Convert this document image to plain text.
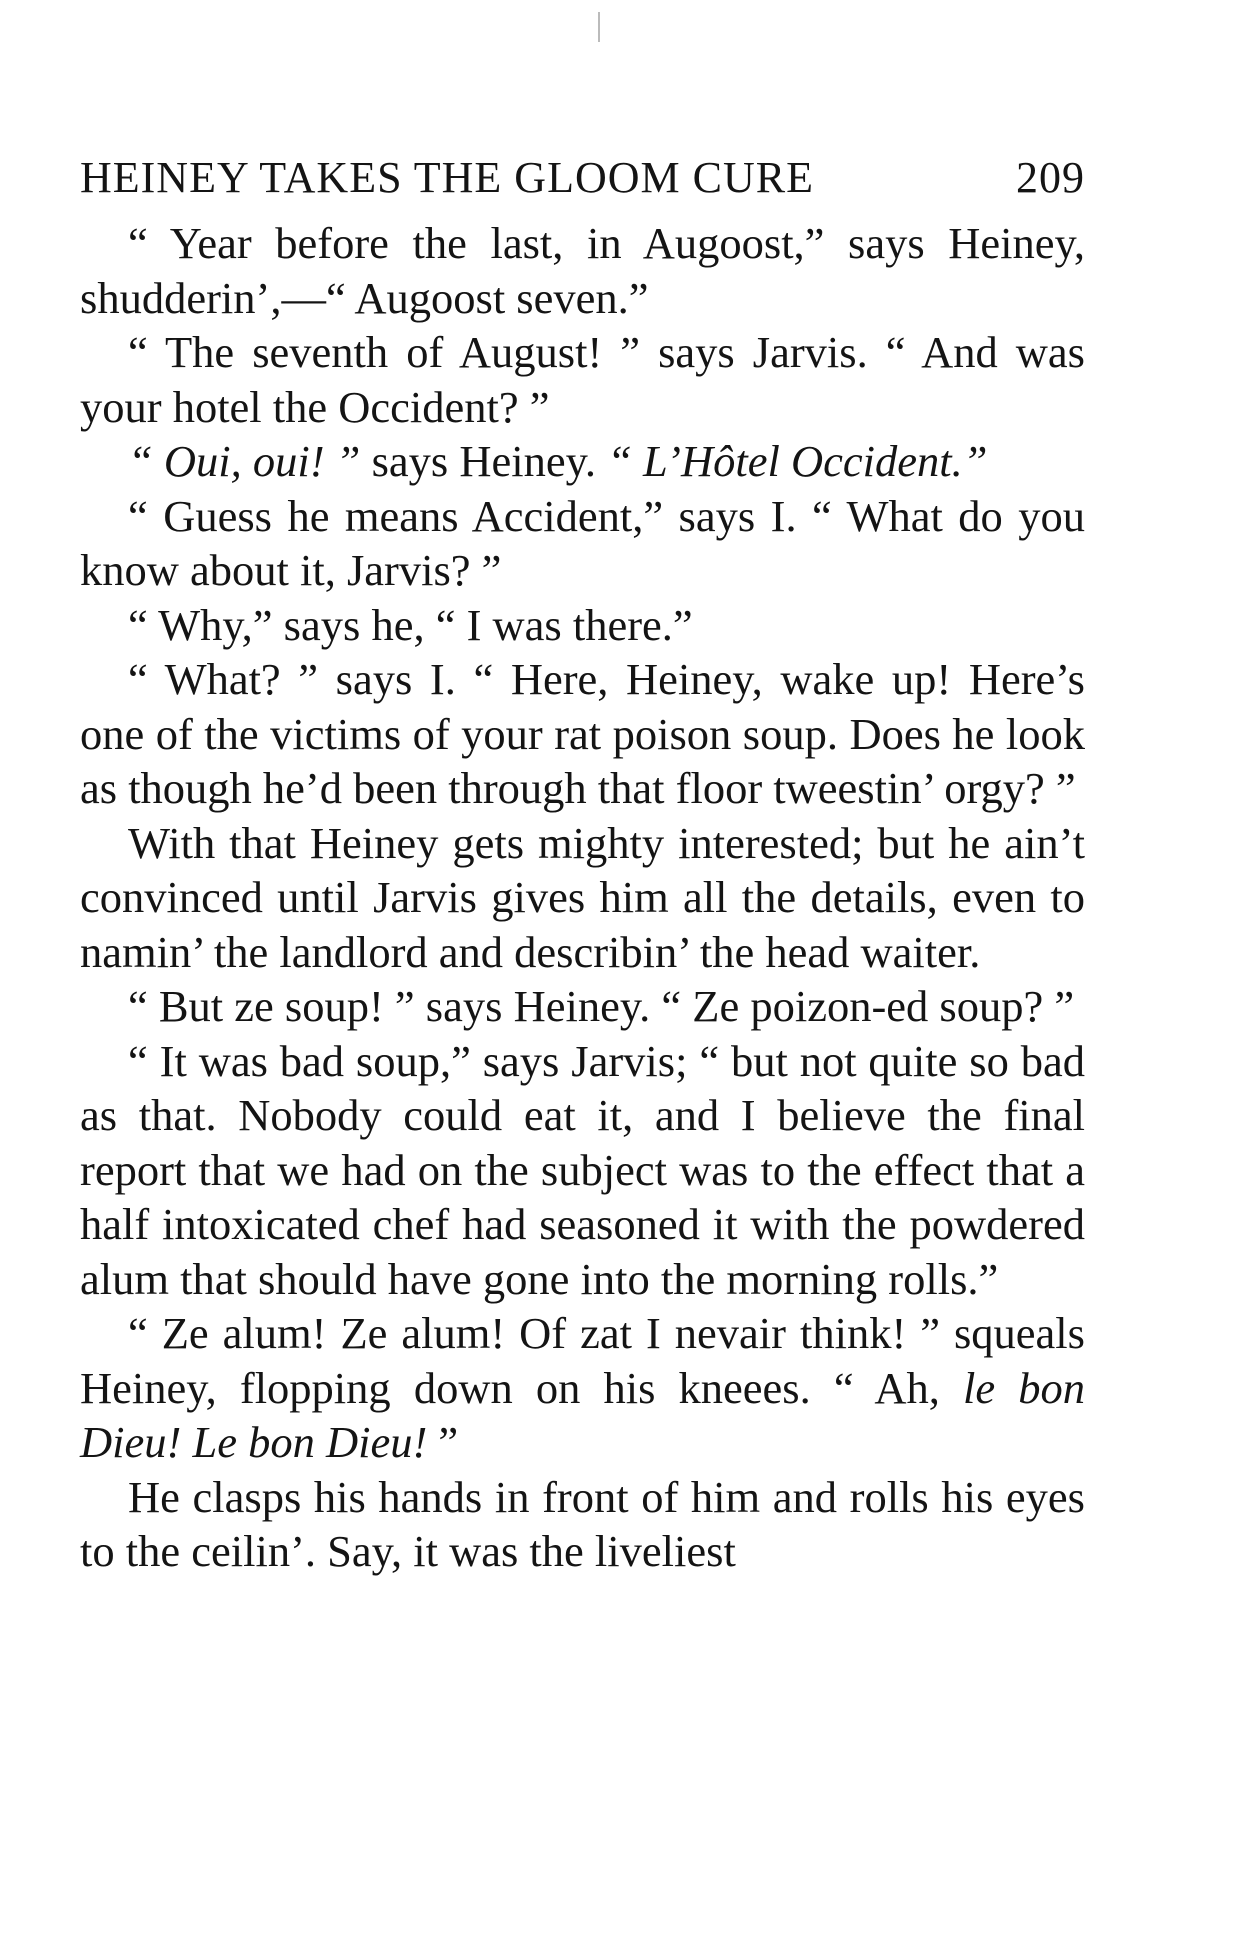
HEINEY TAKES THE GLOOM CURE	209

“ Year before the last, in Augoost,” says Heiney, shudderin’,—“ Augoost seven.”

“ The seventh of August! ” says Jarvis. “ And was your hotel the Occident? ”

“ Oui, oui! ” says Heiney. “ L’Hôtel Occident.”

“ Guess he means Accident,” says I. “ What do you know about it, Jarvis? ”

“ Why,” says he, “ I was there.”

“ What? ” says I. “ Here, Heiney, wake up! Here’s one of the victims of your rat poison soup. Does he look as though he’d been through that floor tweestin’ orgy? ”

With that Heiney gets mighty interested; but he ain’t convinced until Jarvis gives him all the details, even to namin’ the landlord and describin’ the head waiter.

“ But ze soup! ” says Heiney. “ Ze poizon-ed soup? ”

“ It was bad soup,” says Jarvis; “ but not quite so bad as that. Nobody could eat it, and I believe the final report that we had on the subject was to the effect that a half intoxicated chef had seasoned it with the powdered alum that should have gone into the morning rolls.”

“ Ze alum! Ze alum! Of zat I nevair think! ” squeals Heiney, flopping down on his kneees. “ Ah, le bon Dieu! Le bon Dieu! ”

He clasps his hands in front of him and rolls his eyes to the ceilin’. Say, it was the liveliest
